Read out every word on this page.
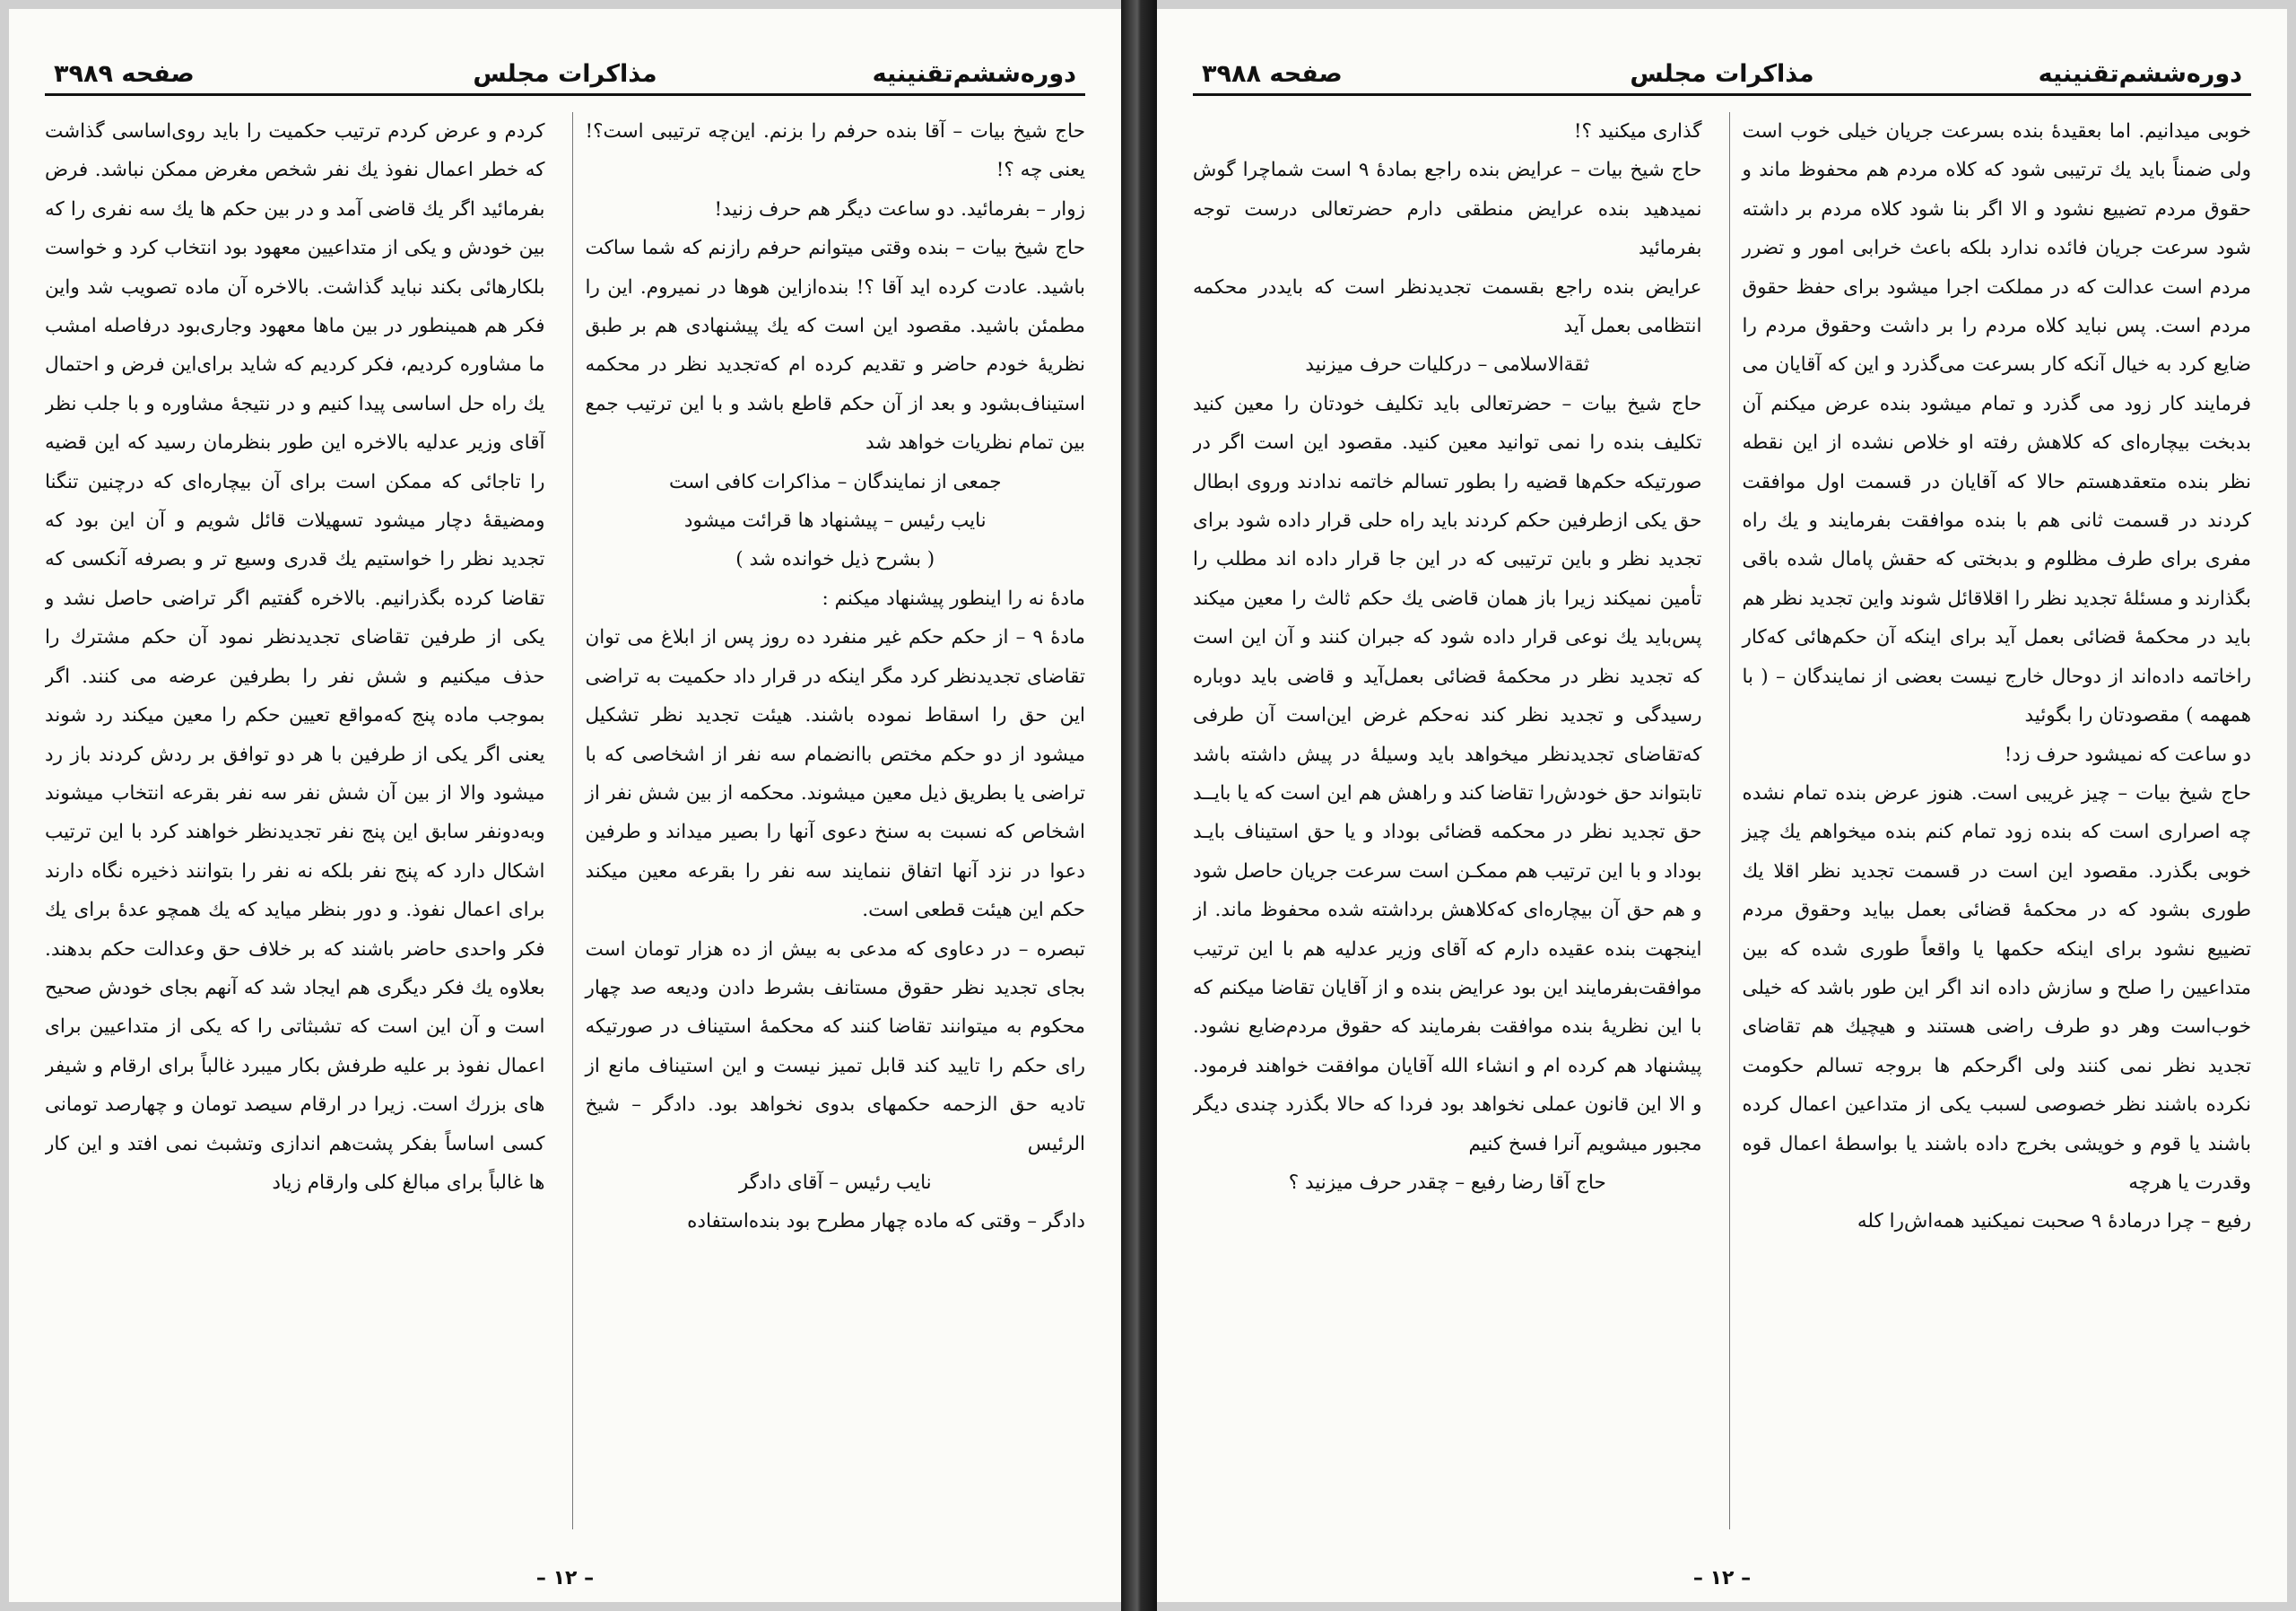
دوره‌ششم‌تقنینیه
مذاکرات مجلس
صفحه ۳۹۸۹

حاج شیخ بیات – آقا بنده حرفم را بزنم. این‌چه ترتیبی است؟! یعنی چه ؟!

زوار – بفرمائید. دو ساعت دیگر هم حرف‌ زنید!

حاج شیخ بیات – بنده وقتی میتوانم حرفم رازنم که شما ساکت باشید. عادت کرده اید آقا ؟! بنده‌ازاین هو‌ها در نمیروم. این را مطمئن باشید. مقصود این است که یك پیشنهادی هم بر طبق نظریهٔ خودم حاضر و تقدیم کرده ام که‌تجدید نظر در محکمه استیناف‌بشود و بعد از آن حکم قاطع باشد و با این ترتیب جمع بین تمام نظریات خواهد شد

جمعی از نمایندگان – مذاکرات کافی است

نایب رئیس – پیشنهاد ها قرائت میشود

( بشرح ذیل خوانده شد )

مادهٔ نه را اینطور پیشنهاد میکنم :

مادهٔ ۹ – از حکم حکم غیر منفرد ده روز پس از ابلاغ می توان تقاضای تجدیدنظر کرد مگر اینکه در قرار داد حکمیت به تراضی این حق را اسقاط نموده باشند. هیئت تجدید نظر تشکیل میشود از دو حکم مختص باانضمام سه نفر از اشخاصی که با تراضی یا بطریق ذیل معین میشوند. محکمه از بین شش نفر از اشخاص که نسبت به سنخ دعوی آنها را بصیر میداند و طرفین دعوا در نزد آنها اتفاق ننمایند سه نفر را بقرعه معین میکند حکم این هیئت قطعی است.

تبصره – در دعاوی که مدعی به بیش از ده هزار تومان است بجای تجدید نظر حقوق مستانف بشرط دادن ودیعه صد چهار محکوم به میتوانند تقاضا کنند که محکمهٔ استیناف در صورتیکه رای حکم را تایید کند قابل تمیز نیست و این استیناف مانع از تادیه حق الزحمه حکمهای بدوی نخواهد بود. دادگر – شیخ الرئیس

نایب رئیس – آقای دادگر

دادگر – وقتی که ماده چهار مطرح بود بنده‌استفاده

کردم و عرض کردم ترتیب حکمیت را باید روی‌اساسی گذاشت که خطر اعمال نفوذ یك نفر شخص مغرض ممکن نباشد. فرض بفرمائید اگر یك قاضی آمد و در بین حکم ها یك سه نفری را که بین خودش و یکی از متداعیین معهود بود انتخاب کرد و خواست بلکارهائی بکند نباید گذاشت. بالاخره آن ماده تصویب شد واین فکر هم همینطور در بین ماها معهود وجاری‌بود درفاصله امشب ما مشاوره کردیم، فکر کردیم که شاید برای‌این فرض و احتمال یك راه حل اساسی پیدا کنیم و در نتیجهٔ مشاوره و با جلب نظر آقای وزیر عدلیه بالاخره این طور بنظرمان رسید که این قضیه را تاجائی که ممکن است برای آن بیچاره‌ای که درچنین تنگنا ومضیقهٔ دچار میشود تسهیلات قائل شویم و آن این بود که تجدید نظر را خواستیم یك قدری وسیع تر و بصرفه آنکسی که تقاضا کرده بگذرانیم. بالاخره گفتیم اگر تراضی حاصل نشد و یکی از طرفین تقاضای تجدیدنظر نمود آن حکم مشترك را حذف میکنیم و شش نفر را بطرفین عرضه می کنند. اگر بموجب ماده پنج که‌مواقع تعیین حکم را معین میکند رد شوند یعنی اگر یکی از طرفین با هر دو توافق بر ردش کردند باز رد میشود والا از بین آن شش نفر سه نفر بقرعه انتخاب میشوند وبه‌دونفر سابق این پنج نفر تجدیدنظر خواهند کرد با این ترتیب اشکال دارد که پنج نفر بلکه نه نفر را بتوانند ذخیره نگاه دارند برای اعمال نفوذ. و دور بنظر میاید که یك همچو عدهٔ برای یك فکر واحدی حاضر باشند که بر خلاف حق وعدالت حکم بدهند. بعلاوه یك فکر دیگری هم ایجاد شد که آنهم بجای خودش صحیح است و آن این است که تشبثاتی را که یکی از متداعیین برای اعمال نفوذ بر علیه طرفش بکار میبرد غالباً برای ارقام و شیفر های بزرك است. زیرا در ارقام سیصد تومان و چهارصد تومانی کسی اساساً بفکر پشت‌هم اندازی وتشبث نمی افتد و این کار ها غالباً برای مبالغ کلی وارقام زیاد

– ۱۲ –
دوره‌ششم‌تقنینیه
مذاکرات مجلس
صفحه ۳۹۸۸

خوبی میدانیم. اما بعقیدهٔ بنده بسرعت جریان خیلی خوب است ولی ضمناً باید یك ترتیبی شود که کلاه مردم هم محفوظ ماند و حقوق مردم تضییع نشود و الا اگر بنا شود کلاه مردم بر داشته شود سرعت جریان فائده ندارد بلکه باعث خرابی امور و تضرر مردم است عدالت که در مملکت اجرا میشود برای حفظ حقوق مردم است. پس نباید کلاه مردم را بر داشت وحقوق مردم را ضایع کرد به خیال آنکه کار بسرعت می‌گذرد و این که آقایان می فرمایند کار زود می گذرد و تمام میشود بنده عرض میکنم آن بدبخت بیچاره‌ای که کلاهش رفته او خلاص نشده از این نقطه نظر بنده متعقدهستم حالا که آقایان در قسمت اول موافقت کردند در قسمت ثانی هم با بنده موافقت بفرمایند و یك راه مفری برای طرف مظلوم و بدبختی که حقش پامال شده باقی بگذارند و مسئلهٔ تجدید نظر را اقلاقائل شوند واین تجدید نظر هم باید در محکمهٔ قضائی بعمل آید برای اینکه آن حکم‌هائی که‌کار راخاتمه داده‌اند از دوحال خارج نیست بعضی از نمایندگان – ( با همهمه ) مقصودتان را بگوئید

دو ساعت که نمیشود حرف زد!

حاج شیخ بیات – چیز غریبی است. هنوز عرض بنده تمام نشده چه اصراری است که بنده زود تمام کنم بنده میخواهم یك چیز خوبی بگذرد. مقصود این است در قسمت تجدید نظر اقلا یك طوری بشود که در محکمهٔ قضائی بعمل بیاید وحقوق مردم تضییع نشود برای اینکه حکمها یا واقعاً طوری شده که بین متداعیین را صلح و سازش داده اند اگر این طور باشد که خیلی خوب‌است وهر دو طرف راضی هستند و هیچیك هم تقاضای تجدید نظر نمی کنند ولی اگرحکم ها بروجه تسالم حکومت نکرده باشند نظر خصوصی لسبب یکی از متداعین اعمال کرده باشند یا قوم و خویشی بخرج داده باشند یا بواسطهٔ اعمال قوه وقدرت یا هرچه

رفیع – چرا درمادهٔ ۹ صحبت نمیکنید همه‌اش‌را کله

گذاری میکنید ؟!

حاج شیخ بیات – عرایض بنده راجع بمادهٔ ۹ است شماچرا گوش نمیدهید بنده عرایض منطقی دارم حضرتعالی درست توجه بفرمائید

عرایض بنده راجع بقسمت تجدیدنظر است که بایددر محکمه انتظامی بعمل آید

ثقة‌الاسلامی – درکلیات حرف میزنید

حاج شیخ بیات – حضرتعالی باید تکلیف خودتان را معین کنید تکلیف بنده را نمی توانید معین کنید. مقصود این است اگر در صورتیکه حکم‌ها قضیه را بطور تسالم خاتمه ندادند وروی ابطال حق یکی ازطرفین حکم کردند باید راه حلی قرار داده شود برای تجدید نظر و باین ترتیبی که در این جا قرار داده اند مطلب را تأمین نمیکند زیرا باز همان قاضی یك حکم ثالث را معین میکند پس‌باید یك نوعی قرار داده شود که جبران کنند و آن این است که تجدید نظر در محکمهٔ قضائی بعمل‌آید و قاضی باید دوباره رسیدگی و تجدید نظر کند نه‌حکم غرض این‌است آن طرفی که‌تقاضای تجدید‌نظر میخواهد باید وسیلهٔ در پیش داشته باشد تا‌بتواند حق خودش‌را تقاضا کند و راهش هم این است که یا بایــد حق تجدید نظر در محکمه قضائی بوداد و یا حق استیناف بایـد بوداد و با این ترتیب هم ممکـن است سرعت جریان حاصل شود و هم حق آن بیچاره‌ای که‌کلاهش برداشته شده محفوظ ماند. از اینجهت بنده عقیده دارم که آقای وزیر عدلیه هم با این ترتیب موافقت‌بفرمایند این بود عرایض بنده و از آقایان تقاضا میکنم که با این نظریهٔ بنده موافقت بفرمایند که حقوق مردم‌ضایع نشود. پیشنهاد هم کرده ام و انشاء الله آقایان موافقت خواهند فرمود. و الا این قانون عملی نخواهد بود فردا که حالا بگذرد چندی دیگر مجبور میشویم آنرا فسخ کنیم

حاج آقا رضا رفیع – چقدر حرف میزنید ؟

– ۱۲ –
